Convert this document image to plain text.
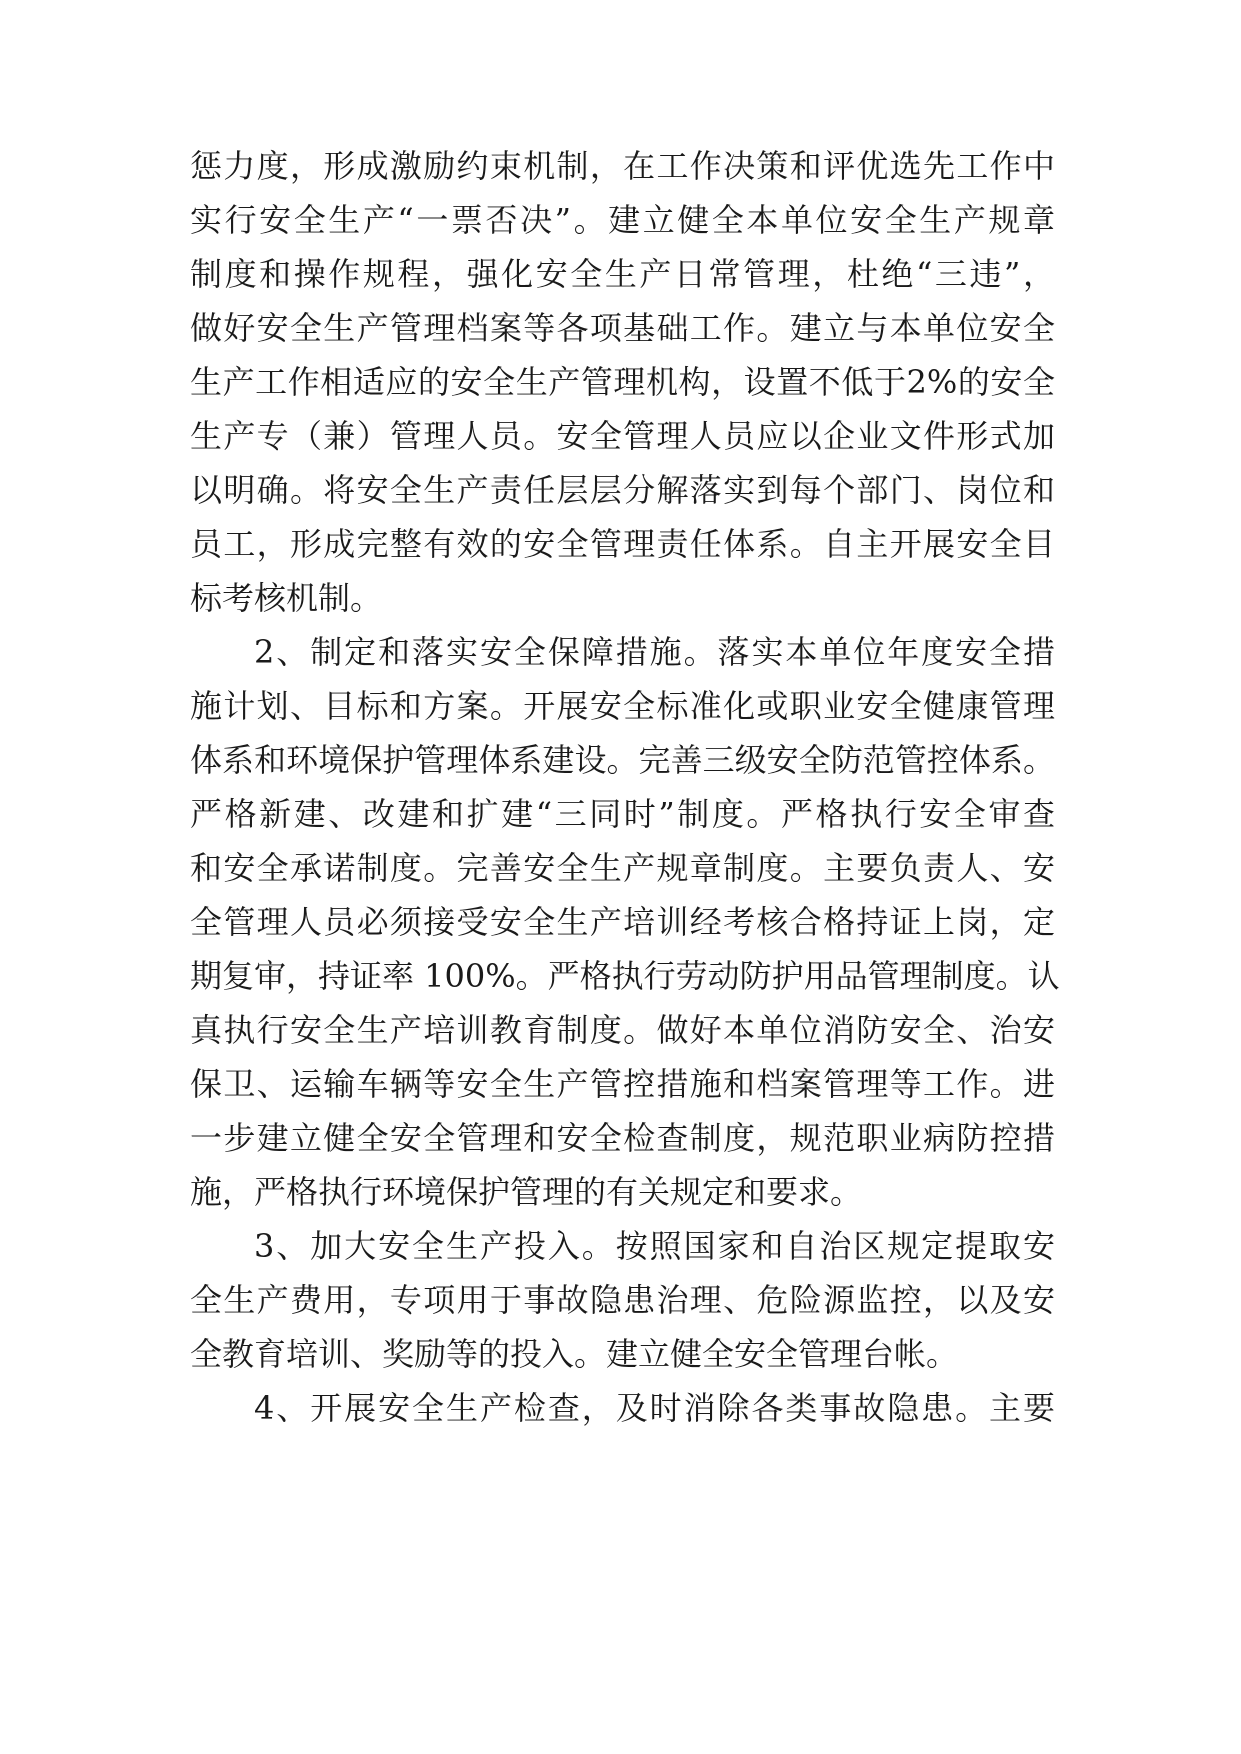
惩力度，形成激励约束机制，在工作决策和评优选先工作中
实行安全生产“一票否决”。建立健全本单位安全生产规章
制度和操作规程，强化安全生产日常管理，杜绝“三违”，
做好安全生产管理档案等各项基础工作。建立与本单位安全
生产工作相适应的安全生产管理机构，设置不低于2%的安全
生产专（兼）管理人员。安全管理人员应以企业文件形式加
以明确。将安全生产责任层层分解落实到每个部门、岗位和
员工，形成完整有效的安全管理责任体系。自主开展安全目
标考核机制。
2、制定和落实安全保障措施。落实本单位年度安全措
施计划、目标和方案。开展安全标准化或职业安全健康管理
体系和环境保护管理体系建设。完善三级安全防范管控体系。
严格新建、改建和扩建“三同时”制度。严格执行安全审查
和安全承诺制度。完善安全生产规章制度。主要负责人、安
全管理人员必须接受安全生产培训经考核合格持证上岗，定
期复审，持证率 100%。严格执行劳动防护用品管理制度。认
真执行安全生产培训教育制度。做好本单位消防安全、治安
保卫、运输车辆等安全生产管控措施和档案管理等工作。进
一步建立健全安全管理和安全检查制度，规范职业病防控措
施，严格执行环境保护管理的有关规定和要求。
3、加大安全生产投入。按照国家和自治区规定提取安
全生产费用，专项用于事故隐患治理、危险源监控，以及安
全教育培训、奖励等的投入。建立健全安全管理台帐。
4、开展安全生产检查，及时消除各类事故隐患。主要
